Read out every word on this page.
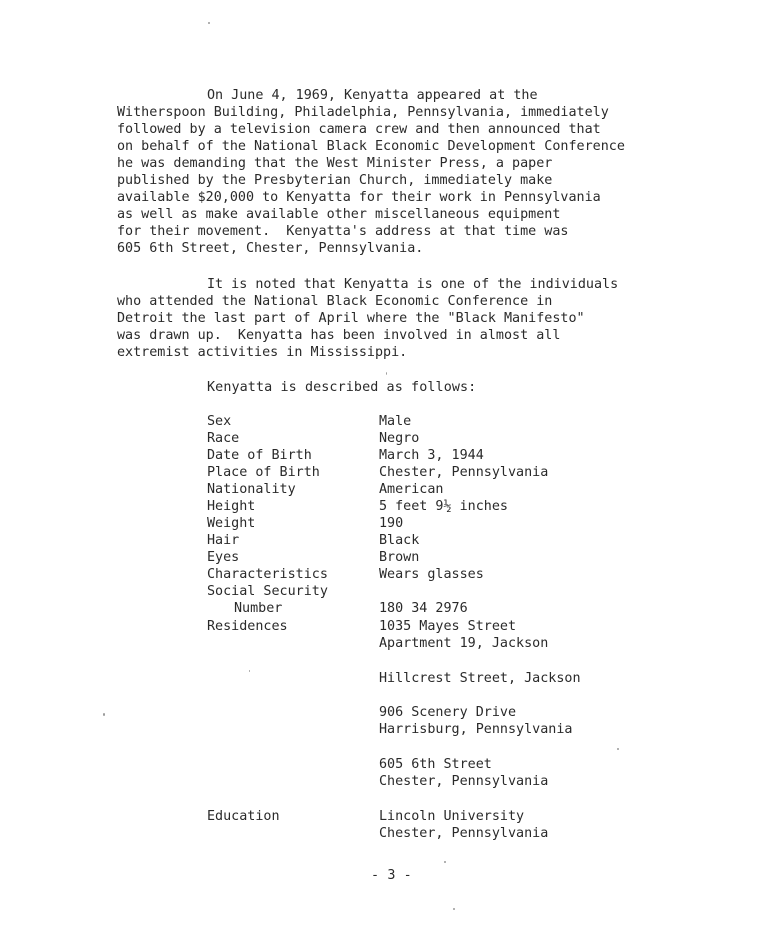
On June 4, 1969, Kenyatta appeared at the

Witherspoon Building, Philadelphia, Pennsylvania, immediately

followed by a television camera crew and then announced that

on behalf of the National Black Economic Development Conference

he was demanding that the West Minister Press, a paper

published by the Presbyterian Church, immediately make

available $20,000 to Kenyatta for their work in Pennsylvania

as well as make available other miscellaneous equipment

for their movement.  Kenyatta's address at that time was

605 6th Street, Chester, Pennsylvania.

It is noted that Kenyatta is one of the individuals

who attended the National Black Economic Conference in

Detroit the last part of April where the "Black Manifesto"

was drawn up.  Kenyatta has been involved in almost all

extremist activities in Mississippi.

Kenyatta is described as follows:
Sex	Male
Race	Negro
Date of Birth	March 3, 1944
Place of Birth	Chester, Pennsylvania
Nationality	American
Height	5 feet 9½ inches
Weight	190
Hair	Black
Eyes	Brown
Characteristics	Wears glasses
Social Security
Number	180 34 2976
Residences	1035 Mayes Street
Apartment 19, Jackson
Hillcrest Street, Jackson
906 Scenery Drive
Harrisburg, Pennsylvania
605 6th Street
Chester, Pennsylvania
Education	Lincoln University
Chester, Pennsylvania
- 3 -
